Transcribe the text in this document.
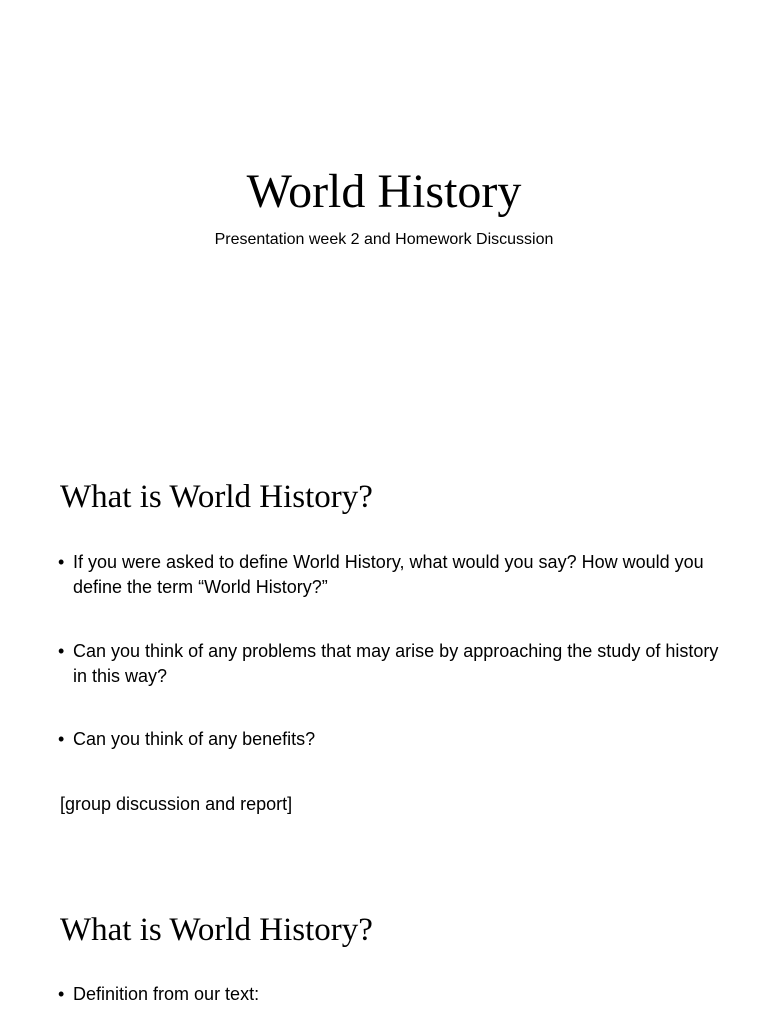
World History

Presentation week 2 and Homework Discussion

What is World History?

• If you were asked to define World History, what would you say? How would you define the term “World History?”

• Can you think of any problems that may arise by approaching the study of history in this way?

• Can you think of any benefits?

[group discussion and report]

What is World History?

• Definition from our text:
